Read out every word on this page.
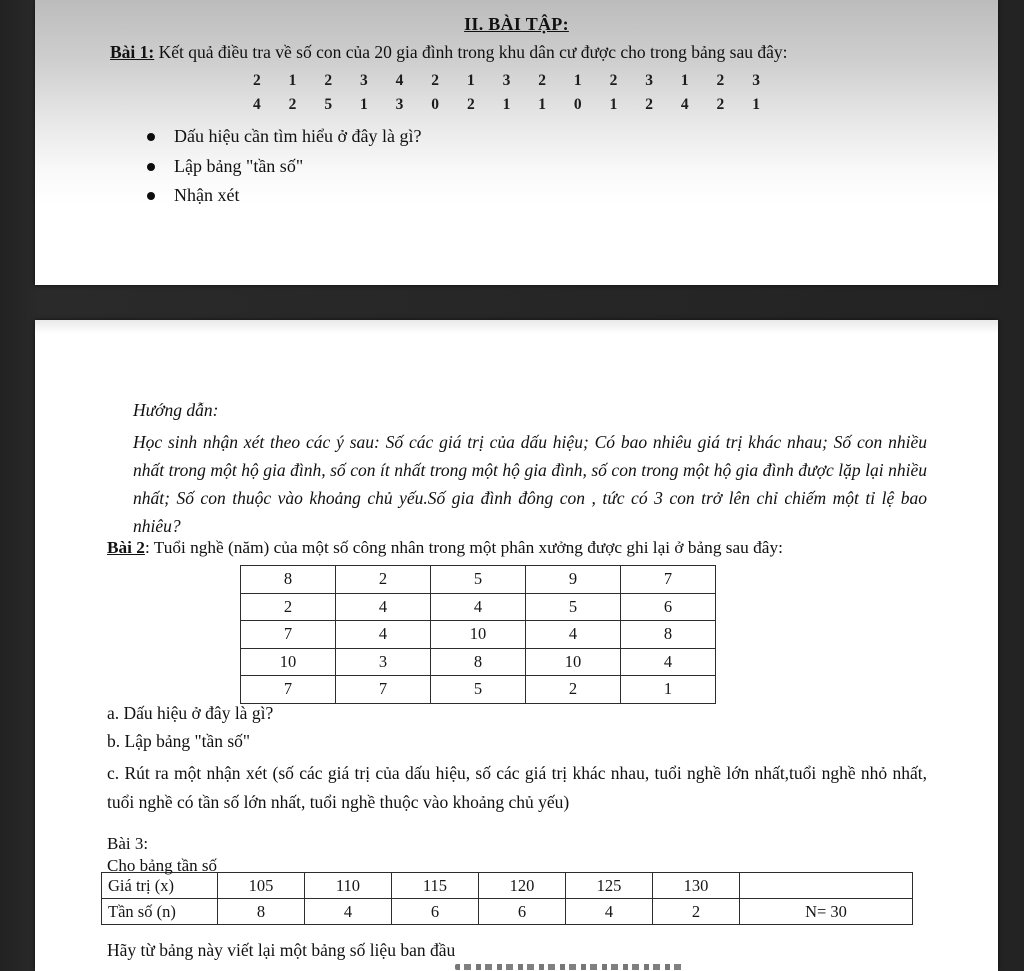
II. BÀI TẬP:
Bài 1: Kết quả điều tra về số con của 20 gia đình trong khu dân cư được cho trong bảng sau đây:
2 1 2 3 4 2 1 3 2 1 2 3 1 2 3
4 2 5 1 3 0 2 1 1 0 1 2 4 2 1
Dấu hiệu cần tìm hiểu ở đây là gì?
Lập bảng "tần số"
Nhận xét
Hướng dẫn:
Học sinh nhận xét theo các ý sau: Số các giá trị của dấu hiệu; Có bao nhiêu giá trị khác nhau; Số con nhiều nhất trong một hộ gia đình, số con ít nhất trong một hộ gia đình, số con trong một hộ gia đình được lặp lại nhiều nhất; Số con thuộc vào khoảng chủ yếu.Số gia đình đông con , tức có 3 con trở lên chỉ chiếm một tỉ lệ bao nhiêu?
Bài 2: Tuổi nghề (năm) của một số công nhân trong một phân xưởng được ghi lại ở bảng sau đây:
8	2	5	9	7
2	4	4	5	6
7	4	10	4	8
10	3	8	10	4
7	7	5	2	1
a. Dấu hiệu ở đây là gì?
b. Lập bảng "tần số"
c. Rút ra một nhận xét (số các giá trị của dấu hiệu, số các giá trị khác nhau, tuổi nghề lớn nhất,tuổi nghề nhỏ nhất, tuổi nghề có tần số lớn nhất, tuổi nghề thuộc vào khoảng chủ yếu)
Bài 3:
Cho bảng tần số
Giá trị (x)	105	110	115	120	125	130	
Tần số (n)	8	4	6	6	4	2	N= 30
Hãy từ bảng này viết lại một bảng số liệu ban đầu
